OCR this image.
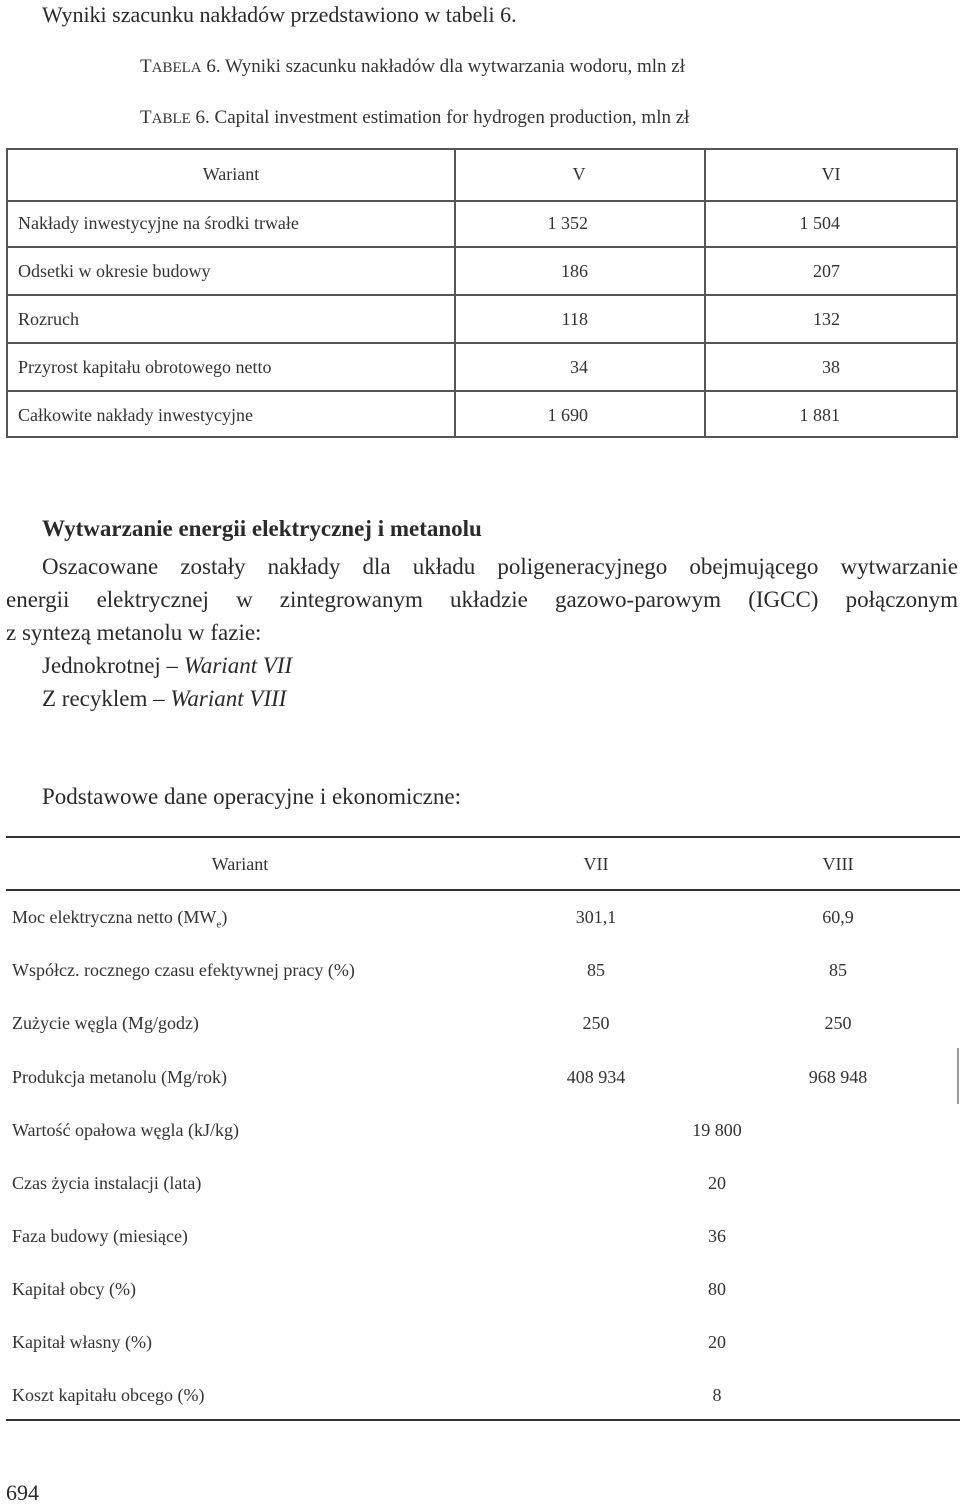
Wyniki szacunku nakładów przedstawiono w tabeli 6.
TABELA 6. Wyniki szacunku nakładów dla wytwarzania wodoru, mln zł
TABLE 6. Capital investment estimation for hydrogen production, mln zł
Wariant	V	VI
Nakłady inwestycyjne na środki trwałe	1 352	1 504
Odsetki w okresie budowy	186	207
Rozruch	118	132
Przyrost kapitału obrotowego netto	34	38
Całkowite nakłady inwestycyjne	1 690	1 881
Wytwarzanie energii elektrycznej i metanolu
Oszacowane zostały nakłady dla układu poligeneracyjnego obejmującego wytwarzanie
energii elektrycznej w zintegrowanym układzie gazowo-parowym (IGCC) połączonym
z syntezą metanolu w fazie:
Jednokrotnej – Wariant VII
Z recyklem – Wariant VIII
Podstawowe dane operacyjne i ekonomiczne:
Wariant	VII	VIII
Moc elektryczna netto $(MW_e)$	301,1	60,9
Współcz. rocznego czasu efektywnej pracy (%)	85	85
Zużycie węgla (Mg/godz)	250	250
Produkcja metanolu (Mg/rok)	408 934	968 948
Wartość opałowa węgla (kJ/kg)	19 800
Czas życia instalacji (lata)	20
Faza budowy (miesiące)	36
Kapitał obcy (%)	80
Kapitał własny (%)	20
Koszt kapitału obcego (%)	8
694
